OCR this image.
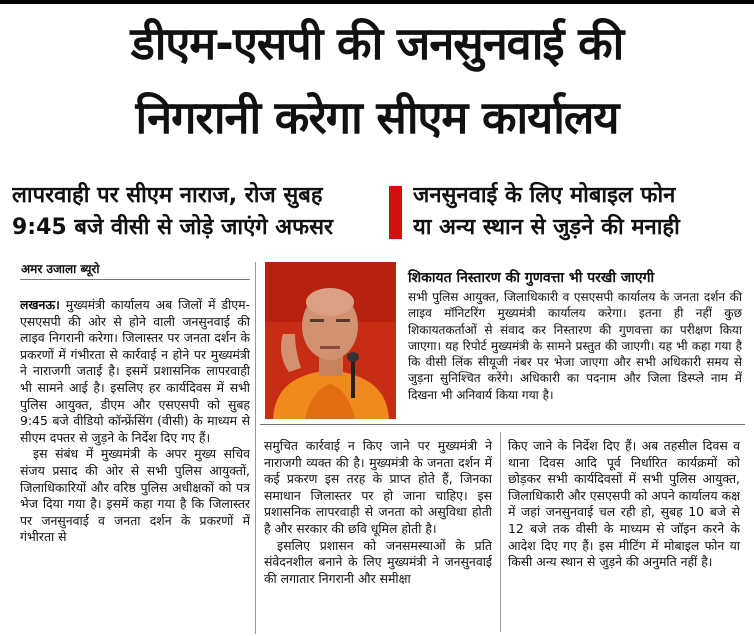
डीएम-एसपी की जनसुनवाई की
निगरानी करेगा सीएम कार्यालय
लापरवाही पर सीएम नाराज, रोज सुबह
9:45 बजे वीसी से जोड़े जाएंगे अफसर
जनसुनवाई के लिए मोबाइल फोन
या अन्य स्थान से जुड़ने की मनाही
अमर उजाला ब्यूरो

लखनऊ। मुख्यमंत्री कार्यालय अब जिलों में डीएम-एसएसपी की ओर से होने वाली जनसुनवाई की लाइव निगरानी करेगा। जिलास्तर पर जनता दर्शन के प्रकरणों में गंभीरता से कार्रवाई न होने पर मुख्यमंत्री ने नाराजगी जताई है। इसमें प्रशासनिक लापरवाही भी सामने आई है। इसलिए हर कार्यदिवस में सभी पुलिस आयुक्त, डीएम और एसएसपी को सुबह 9:45 बजे वीडियो कॉन्फ्रेंसिंग (वीसी) के माध्यम से सीएम दफ्तर से जुड़ने के निर्देश दिए गए हैं।

इस संबंध में मुख्यमंत्री के अपर मुख्य सचिव संजय प्रसाद की ओर से सभी पुलिस आयुक्तों, जिलाधिकारियों और वरिष्ठ पुलिस अधीक्षकों को पत्र भेज दिया गया है। इसमें कहा गया है कि जिलास्तर पर जनसुनवाई व जनता दर्शन के प्रकरणों में गंभीरता से

शिकायत निस्तारण की गुणवत्ता भी परखी जाएगी
सभी पुलिस आयुक्त, जिलाधिकारी व एसएसपी कार्यालय के जनता दर्शन की लाइव मॉनिटरिंग मुख्यमंत्री कार्यालय करेगा। इतना ही नहीं कुछ शिकायतकर्ताओं से संवाद कर निस्तारण की गुणवत्ता का परीक्षण किया जाएगा। यह रिपोर्ट मुख्यमंत्री के सामने प्रस्तुत की जाएगी। यह भी कहा गया है कि वीसी लिंक सीयूजी नंबर पर भेजा जाएगा और सभी अधिकारी समय से जुड़ना सुनिश्चित करेंगे। अधिकारी का पदनाम और जिला डिस्प्ले नाम में दिखना भी अनिवार्य किया गया है।

समुचित कार्रवाई न किए जाने पर मुख्यमंत्री ने नाराजगी व्यक्त की है। मुख्यमंत्री के जनता दर्शन में कई प्रकरण इस तरह के प्राप्त होते हैं, जिनका समाधान जिलास्तर पर हो जाना चाहिए। इस प्रशासनिक लापरवाही से जनता को असुविधा होती है और सरकार की छवि धूमिल होती है।

इसलिए प्रशासन को जनसमस्याओं के प्रति संवेदनशील बनाने के लिए मुख्यमंत्री ने जनसुनवाई की लगातार निगरानी और समीक्षा

किए जाने के निर्देश दिए हैं। अब तहसील दिवस व थाना दिवस आदि पूर्व निर्धारित कार्यक्रमों को छोड़कर सभी कार्यदिवसों में सभी पुलिस आयुक्त, जिलाधिकारी और एसएसपी को अपने कार्यालय कक्ष में जहां जनसुनवाई चल रही हो, सुबह 10 बजे से 12 बजे तक वीसी के माध्यम से जॉइन करने के आदेश दिए गए हैं। इस मीटिंग में मोबाइल फोन या किसी अन्य स्थान से जुड़ने की अनुमति नहीं है।
